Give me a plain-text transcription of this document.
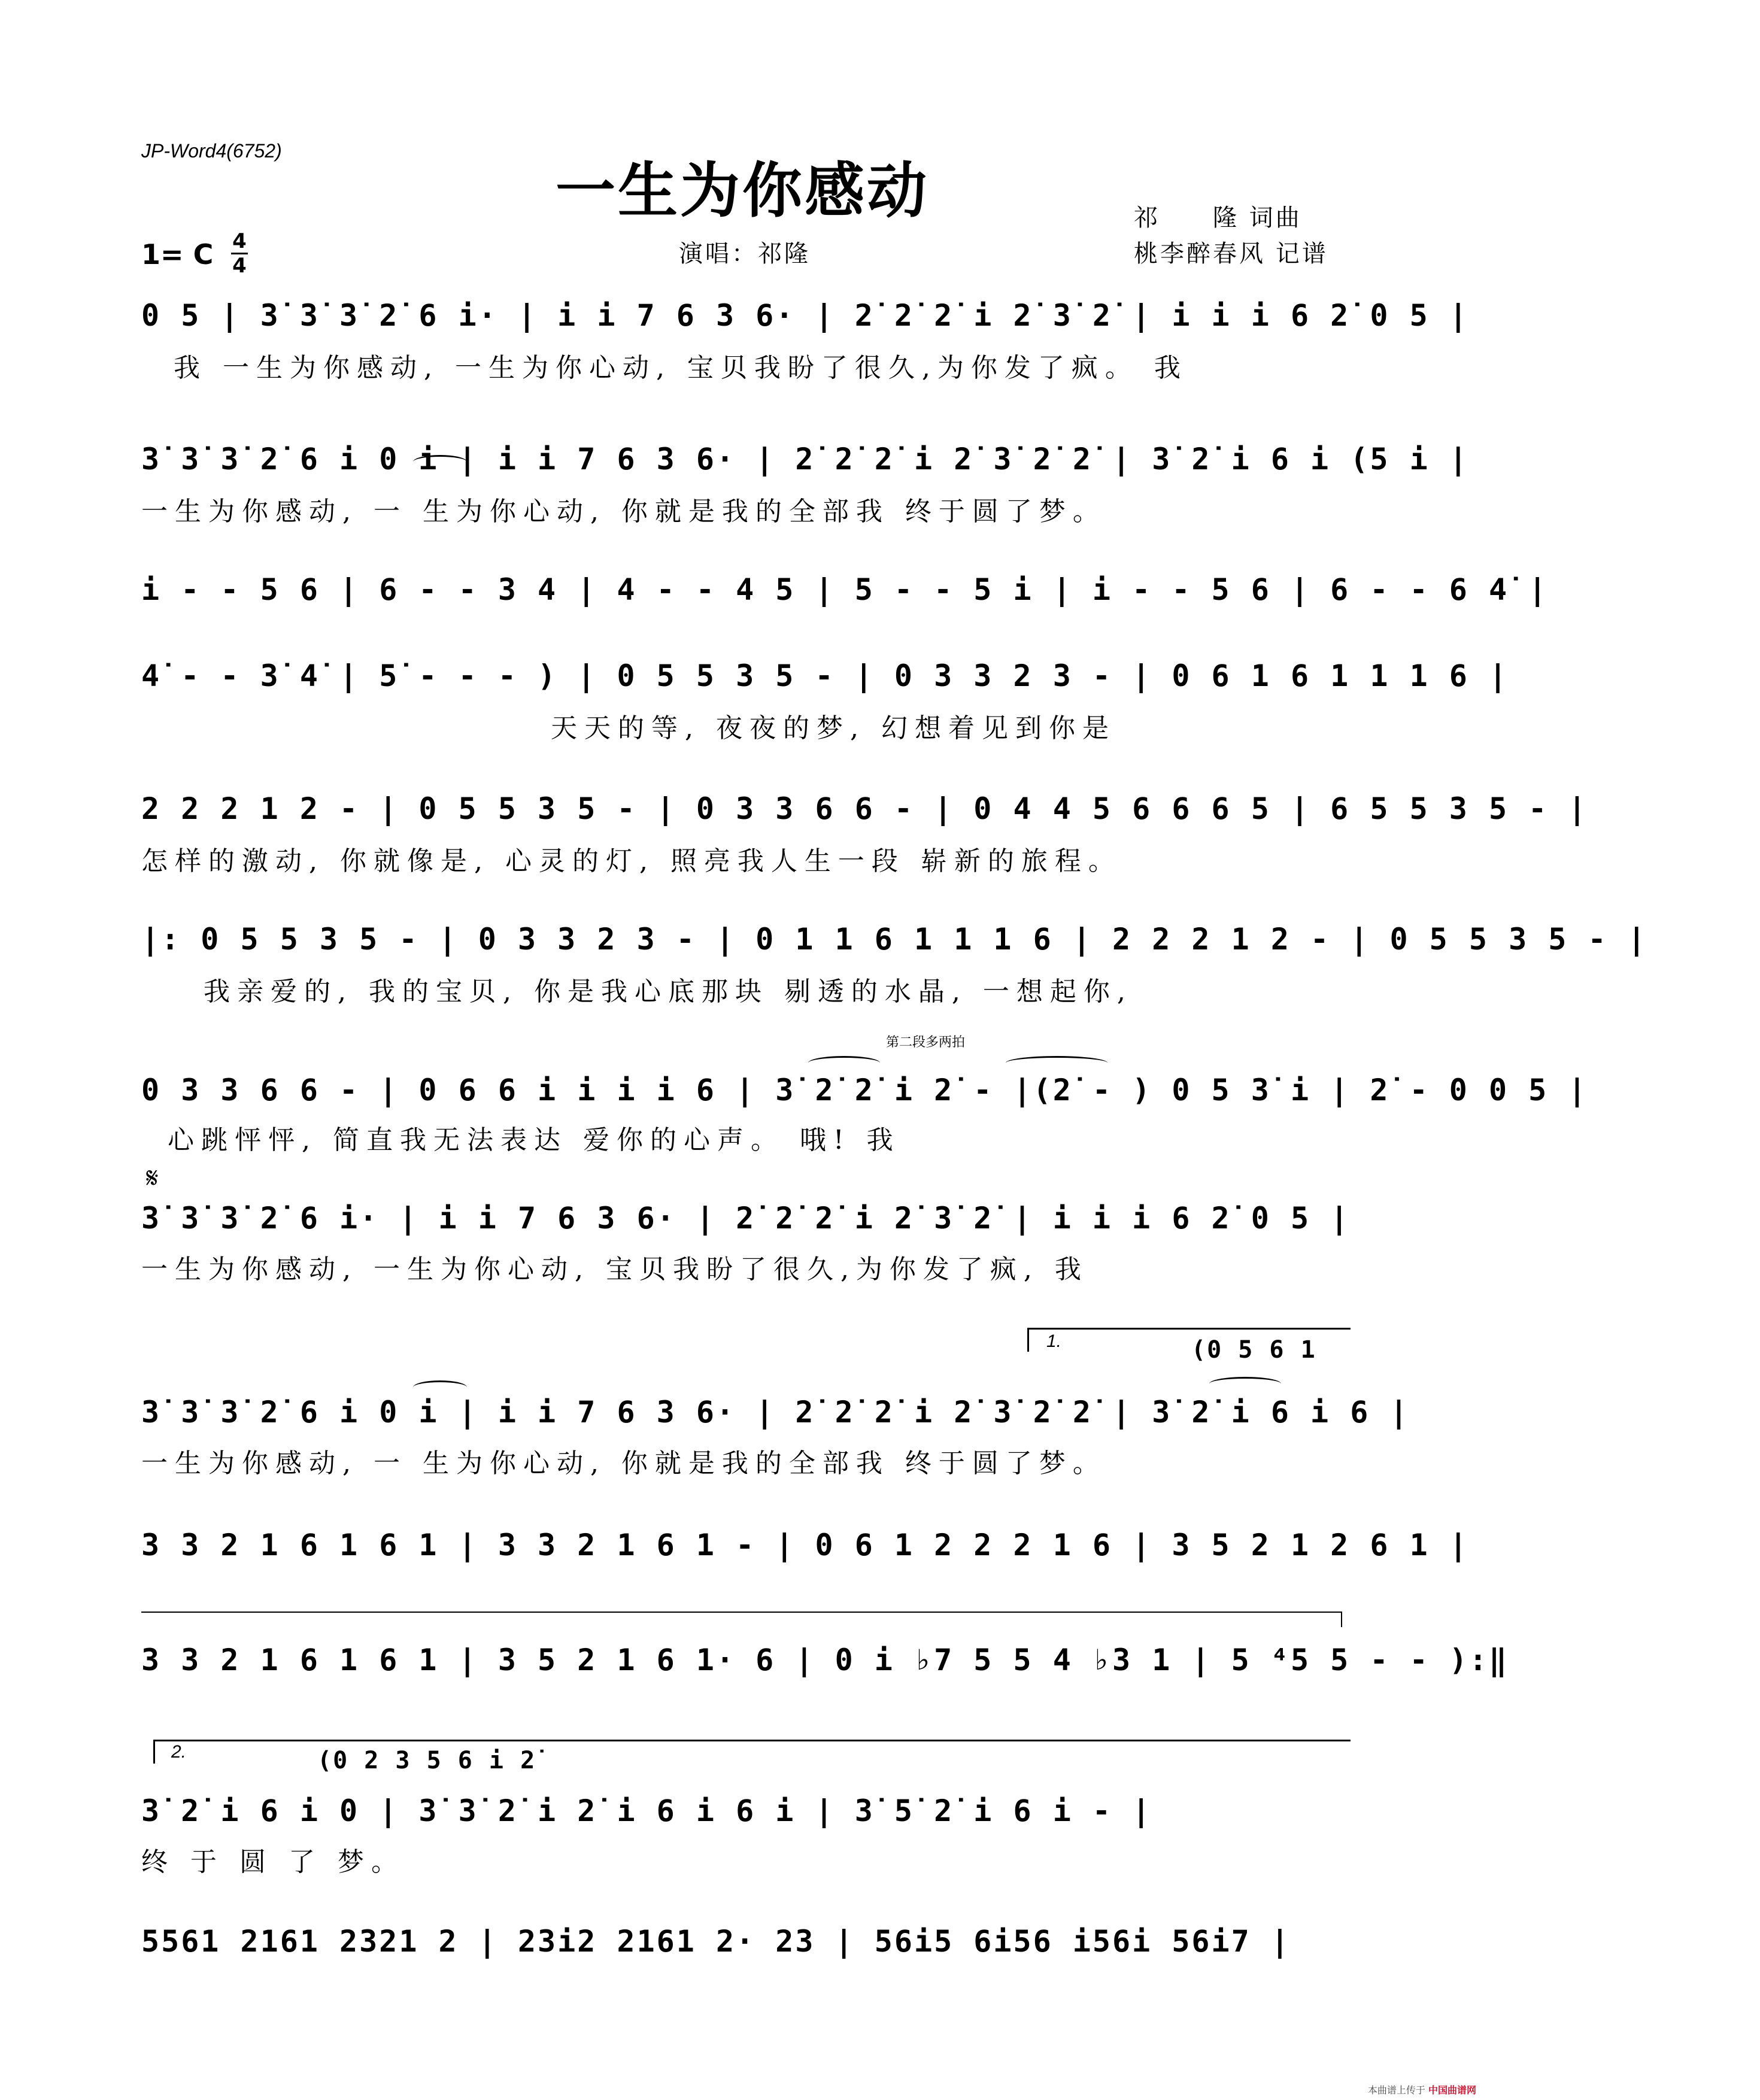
JP-Word4(6752)
一生为你感动	祁　　隆 词曲
桃李醉春风 记谱
演唱：祁隆
1= C 4
4
0 5 | 3̇ 3̇ 3̇ 2̇ 6 i· | i i 7 6 3 6· | 2̇ 2̇ 2̇ i 2̇ 3̇ 2̇ | i i i 6 2̇ 0 5 |
我 一生为你感动, 一生为你心动, 宝贝我盼了很久,为你发了疯。 我
3̇ 3̇ 3̇ 2̇ 6 i 0 i | i i 7 6 3 6· | 2̇ 2̇ 2̇ i 2̇ 3̇ 2̇ 2̇ | 3̇ 2̇ i 6 i (5 i |
一生为你感动, 一 生为你心动, 你就是我的全部我 终于圆了梦。
i - - 5 6 | 6 - - 3 4 | 4 - - 4 5 | 5 - - 5 i | i - - 5 6 | 6 - - 6 4̇ |
4̇ - - 3̇ 4̇ | 5̇ - - - ) | 0 5 5 3 5 - | 0 3 3 2 3 - | 0 6 1 6 1 1 1 6 |
天天的等, 夜夜的梦, 幻想着见到你是
2 2 2 1 2 - | 0 5 5 3 5 - | 0 3 3 6 6 - | 0 4 4 5 6 6 6 5 | 6 5 5 3 5 - |
怎样的激动, 你就像是, 心灵的灯, 照亮我人生一段 崭新的旅程。
|: 0 5 5 3 5 - | 0 3 3 2 3 - | 0 1 1 6 1 1 1 6 | 2 2 2 1 2 - | 0 5 5 3 5 - |
我亲爱的, 我的宝贝, 你是我心底那块 剔透的水晶, 一想起你,
第二段多两拍
0 3 3 6 6 - | 0 6 6 i i i i 6 | 3̇ 2̇ 2̇ i 2̇ - |(2̇ - ) 0 5 3̇ i | 2̇ - 0 0 5 |
心跳怦怦, 简直我无法表达 爱你的心声。 哦! 我
𝄋
3̇ 3̇ 3̇ 2̇ 6 i· | i i 7 6 3 6· | 2̇ 2̇ 2̇ i 2̇ 3̇ 2̇ | i i i 6 2̇ 0 5 |
一生为你感动, 一生为你心动, 宝贝我盼了很久,为你发了疯, 我
1.	(0 5 6 1
3̇ 3̇ 3̇ 2̇ 6 i 0 i | i i 7 6 3 6· | 2̇ 2̇ 2̇ i 2̇ 3̇ 2̇ 2̇ | 3̇ 2̇ i 6 i 6 |
一生为你感动, 一 生为你心动, 你就是我的全部我 终于圆了梦。
3 3 2 1 6 1 6 1 | 3 3 2 1 6 1 - | 0 6 1 2 2 2 1 6 | 3 5 2 1 2 6 1 |
3 3 2 1 6 1 6 1 | 3 5 2 1 6 1· 6 | 0 i ♭7 5 5 4 ♭3 1 | 5 ⁴5 5 - - ):‖
2.	(0 2 3 5 6 i 2̇
3̇ 2̇ i 6 i 0 | 3̇ 3̇ 2̇ i 2̇ i 6 i 6 i | 3̇ 5̇ 2̇ i 6 i - |
终 于 圆 了 梦。
5561 2161 2321 2 | 23i2 2161 2· 23 | 56i5 6i56 i56i 56i7 |
本曲谱上传于 中国曲谱网
